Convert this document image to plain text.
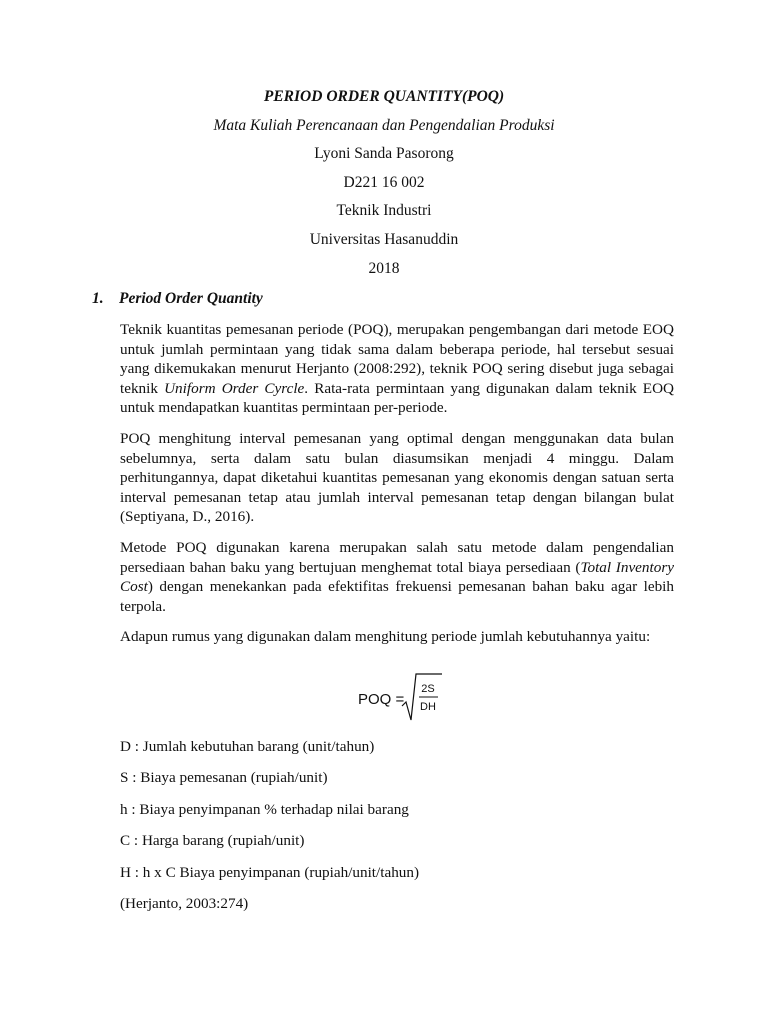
PERIOD ORDER QUANTITY(POQ)
Mata Kuliah Perencanaan dan Pengendalian Produksi
Lyoni Sanda Pasorong
D221 16 002
Teknik Industri
Universitas Hasanuddin
2018
1. Period Order Quantity

Teknik kuantitas pemesanan periode (POQ), merupakan pengembangan dari metode EOQ untuk jumlah permintaan yang tidak sama dalam beberapa periode, hal tersebut sesuai yang dikemukakan menurut Herjanto (2008:292), teknik POQ sering disebut juga sebagai teknik Uniform Order Cyrcle. Rata-rata permintaan yang digunakan dalam teknik EOQ untuk mendapatkan kuantitas permintaan per-periode.

POQ menghitung interval pemesanan yang optimal dengan menggunakan data bulan sebelumnya, serta dalam satu bulan diasumsikan menjadi 4 minggu. Dalam perhitungannya, dapat diketahui kuantitas pemesanan yang ekonomis dengan satuan serta interval pemesanan tetap atau jumlah interval pemesanan tetap dengan bilangan bulat (Septiyana, D., 2016).

Metode POQ digunakan karena merupakan salah satu metode dalam pengendalian persediaan bahan baku yang bertujuan menghemat total biaya persediaan (Total Inventory Cost) dengan menekankan pada efektifitas frekuensi pemesanan bahan baku agar lebih terpola.

Adapun rumus yang digunakan dalam menghitung periode jumlah kebutuhannya yaitu:

POQ =
2S
DH

D : Jumlah kebutuhan barang (unit/tahun)

S : Biaya pemesanan (rupiah/unit)

h : Biaya penyimpanan % terhadap nilai barang

C : Harga barang (rupiah/unit)

H : h x C Biaya penyimpanan (rupiah/unit/tahun)

(Herjanto, 2003:274)
